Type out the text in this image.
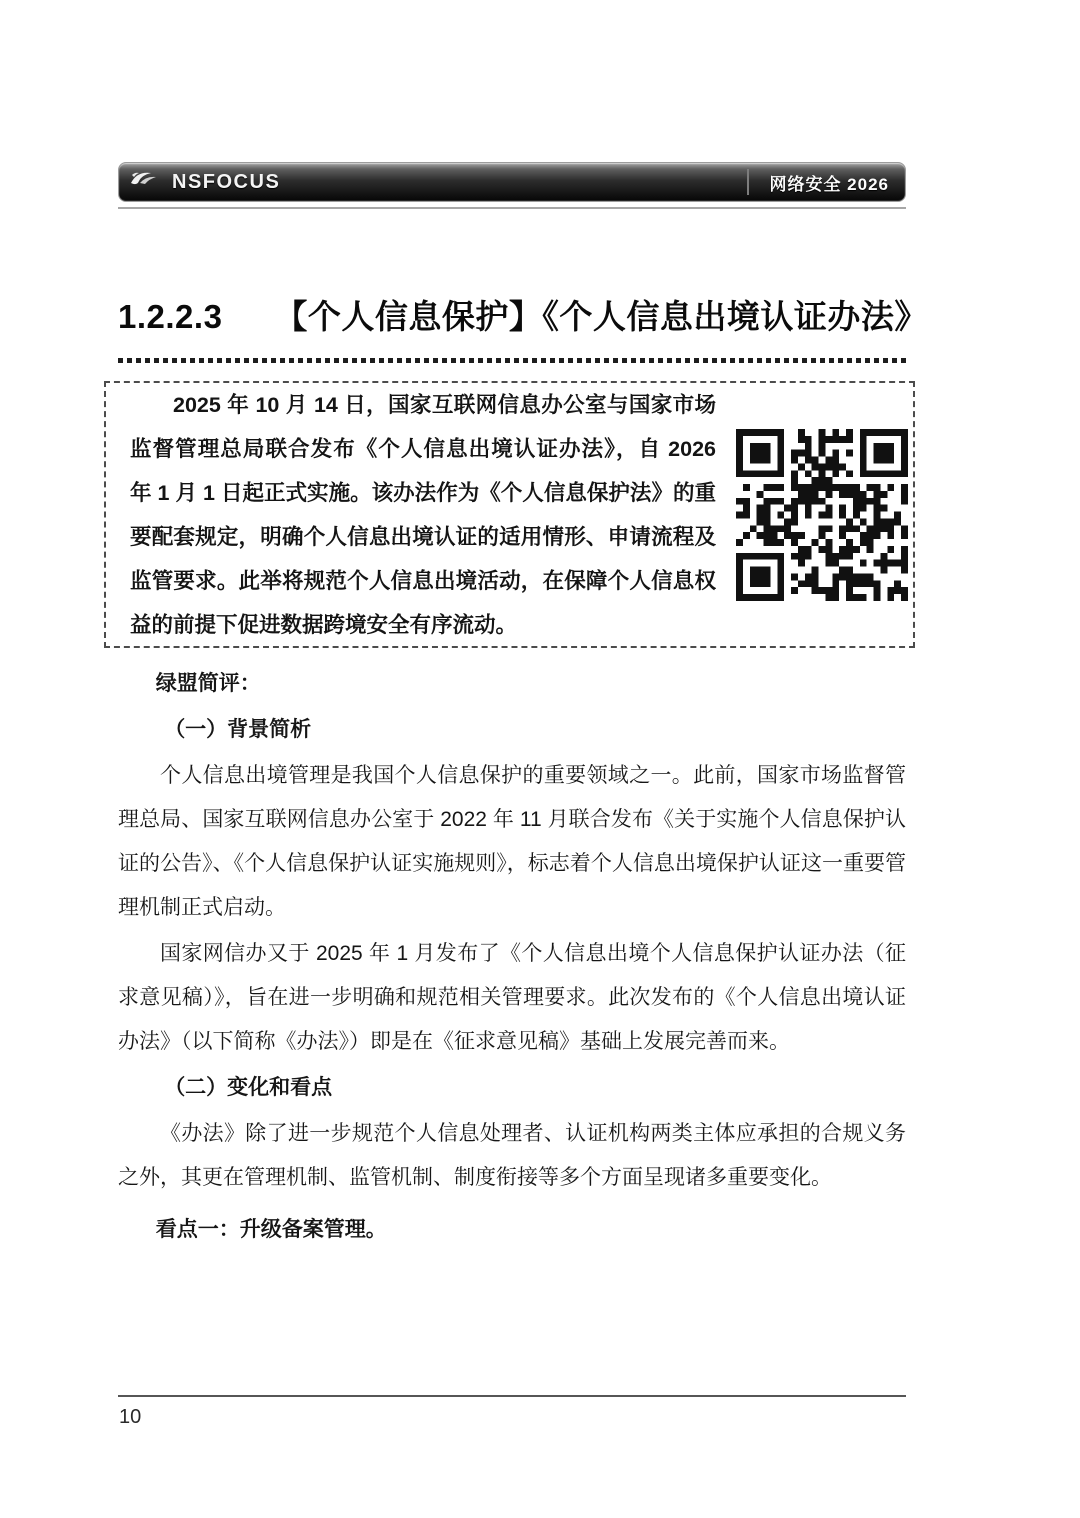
NSFOCUS	网络安全 2026
1.2.2.3 【个人信息保护】《个人信息出境认证办法》

2025 年 10 月 14 日，国家互联网信息办公室与国家市场监督管理总局联合发布《个人信息出境认证办法》，自 2026 年 1 月 1 日起正式实施。该办法作为《个人信息保护法》的重要配套规定，明确个人信息出境认证的适用情形、申请流程及监管要求。此举将规范个人信息出境活动，在保障个人信息权益的前提下促进数据跨境安全有序流动。

绿盟简评：

（一）背景简析

个人信息出境管理是我国个人信息保护的重要领域之一。此前，国家市场监督管理总局、国家互联网信息办公室于 2022 年 11 月联合发布《关于实施个人信息保护认证的公告》、《个人信息保护认证实施规则》，标志着个人信息出境保护认证这一重要管理机制正式启动。

国家网信办又于 2025 年 1 月发布了《个人信息出境个人信息保护认证办法（征求意见稿）》，旨在进一步明确和规范相关管理要求。此次发布的《个人信息出境认证办法》（以下简称《办法》）即是在《征求意见稿》基础上发展完善而来。

（二）变化和看点

《办法》除了进一步规范个人信息处理者、认证机构两类主体应承担的合规义务之外，其更在管理机制、监管机制、制度衔接等多个方面呈现诸多重要变化。

看点一：升级备案管理。

10
